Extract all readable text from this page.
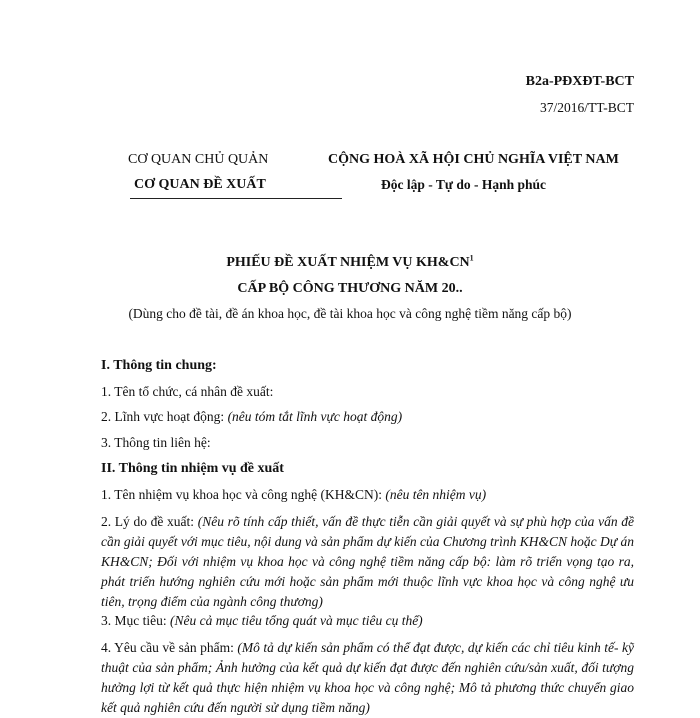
B2a-PĐXĐT-BCT
37/2016/TT-BCT
CƠ QUAN CHỦ QUẢN
CƠ QUAN ĐỀ XUẤT
CỘNG HOÀ XÃ HỘI CHỦ NGHĨA VIỆT NAM
Độc lập - Tự do - Hạnh phúc
PHIẾU ĐỀ XUẤT NHIỆM VỤ $KH\&CN^1$
CẤP BỘ CÔNG THƯƠNG NĂM 20..
(Dùng cho đề tài, đề án khoa học, đề tài khoa học và công nghệ tiềm năng cấp bộ)
I. Thông tin chung:
1. Tên tổ chức, cá nhân đề xuất:
2. Lĩnh vực hoạt động: (nêu tóm tắt lĩnh vực hoạt động)
3. Thông tin liên hệ:
II. Thông tin nhiệm vụ đề xuất
1. Tên nhiệm vụ khoa học và công nghệ (KH&CN): (nêu tên nhiệm vụ)
2. Lý do đề xuất: (Nêu rõ tính cấp thiết, vấn đề thực tiễn cần giải quyết và sự phù hợp của vấn đề cần giải quyết với mục tiêu, nội dung và sản phẩm dự kiến của Chương trình KH&CN hoặc Dự án KH&CN; Đối với nhiệm vụ khoa học và công nghệ tiềm năng cấp bộ: làm rõ triển vọng tạo ra, phát triển hướng nghiên cứu mới hoặc sản phẩm mới thuộc lĩnh vực khoa học và công nghệ ưu tiên, trọng điểm của ngành công thương)
3. Mục tiêu: (Nêu cả mục tiêu tổng quát và mục tiêu cụ thể)
4. Yêu cầu về sản phẩm: (Mô tả dự kiến sản phẩm có thể đạt được, dự kiến các chỉ tiêu kinh tế- kỹ thuật của sản phẩm; Ảnh hưởng của kết quả dự kiến đạt được đến nghiên cứu/sản xuất, đối tượng hưởng lợi từ kết quả thực hiện nhiệm vụ khoa học và công nghệ; Mô tả phương thức chuyển giao kết quả nghiên cứu đến người sử dụng tiềm năng)
